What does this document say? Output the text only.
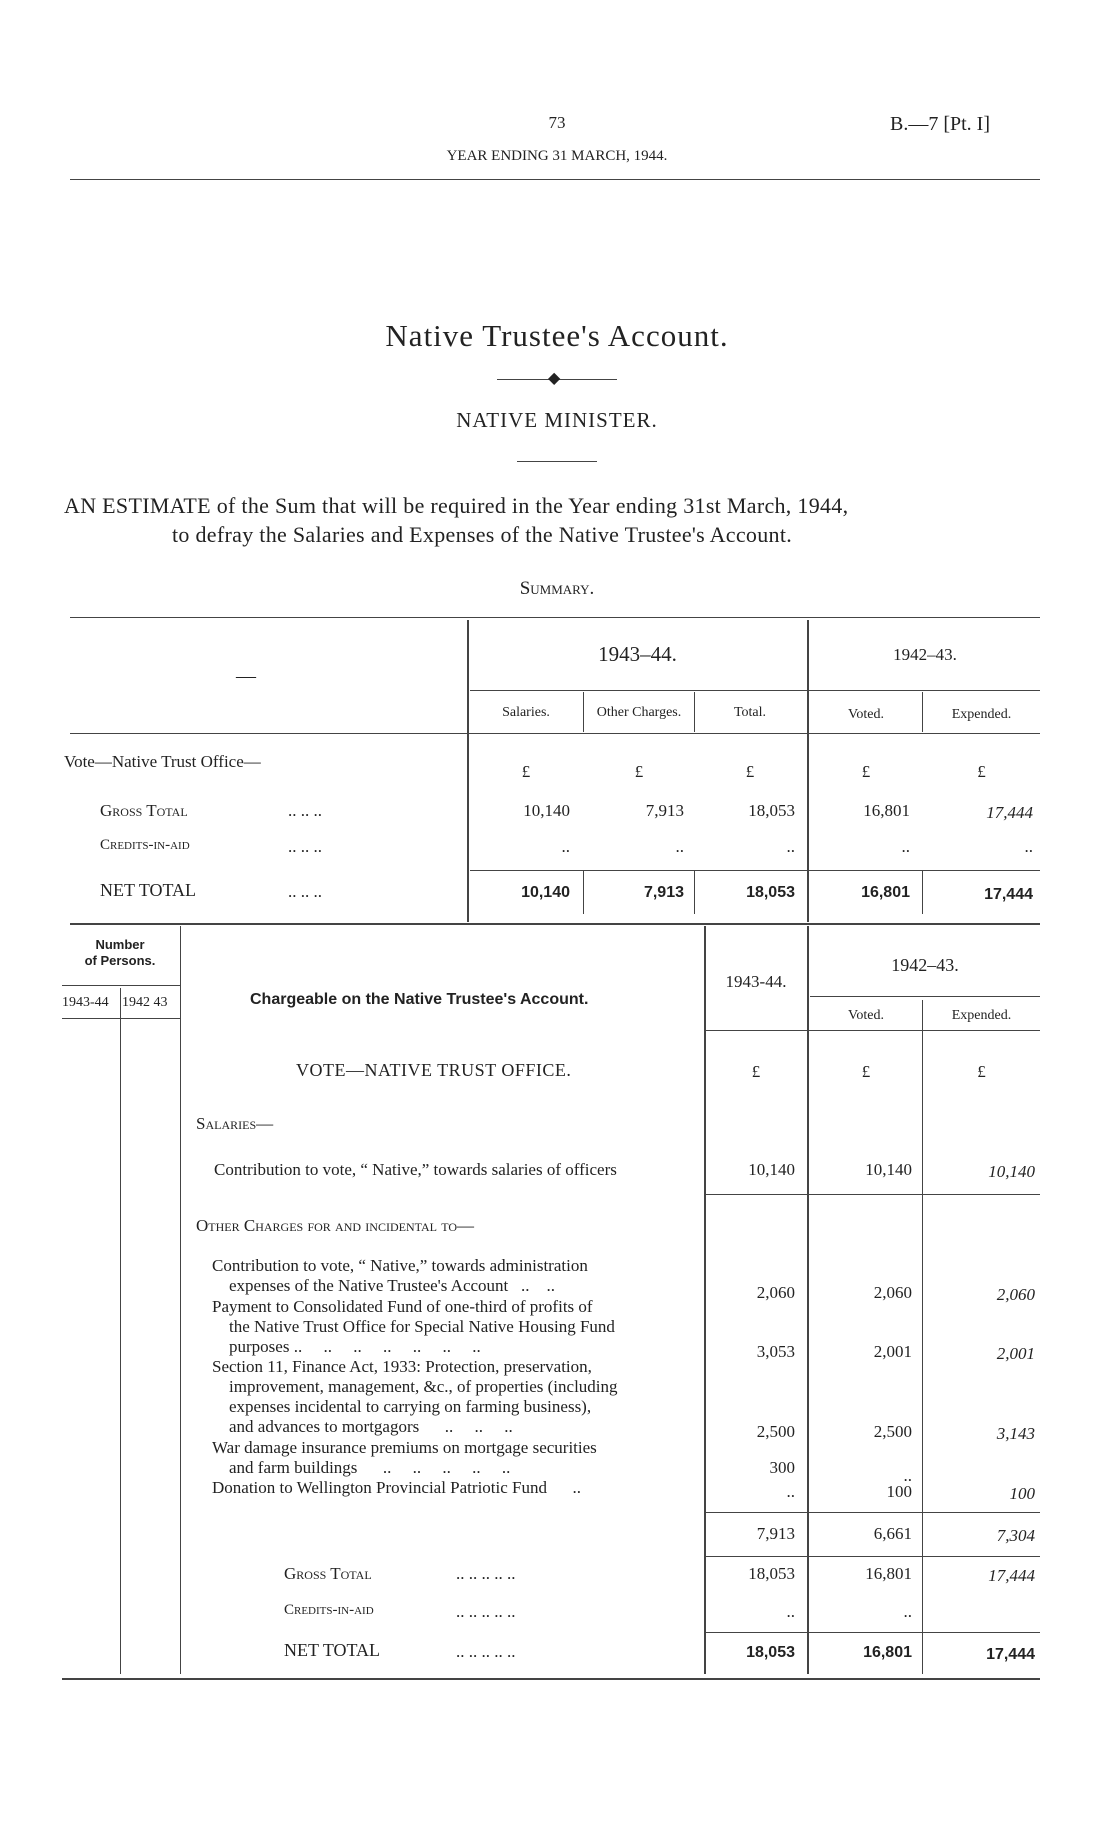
73	B.—7 [Pt. I]
YEAR ENDING 31 MARCH, 1944.
Native Trustee's Account.
◆
NATIVE MINISTER.
AN ESTIMATE of the Sum that will be required in the Year ending 31st March, 1944,
to defray the Salaries and Expenses of the Native Trustee's Account.
Summary.
—
1943–44.	1942–43.
Salaries.	Other Charges.	Total.	Voted.	Expended.
Vote—Native Trust Office—
£	£	£	£	£
Gross Total	.. .. ..	10,140	7,913	18,053	16,801	17,444
Credits-in-aid	.. .. ..	..	..	..	..	..
NET TOTAL	.. .. ..	10,140	7,913	18,053	16,801	17,444
Number
of Persons.
1943-44 1942 43	Chargeable on the Native Trustee's Account.
1943-44.
1942–43.
Voted.	Expended.
VOTE—NATIVE TRUST OFFICE.	£	£	£
Salaries—
Contribution to vote, “ Native,” towards salaries of officers	10,140	10,140	10,140
Other Charges for and incidental to—
Contribution to vote, “ Native,” towards administration
expenses of the Native Trustee's Account   ..    ..	2,060	2,060	2,060
Payment to Consolidated Fund of one-third of profits of
the Native Trust Office for Special Native Housing Fund
purposes ..     ..     ..     ..     ..     ..     ..	3,053	2,001	2,001
Section 11, Finance Act, 1933: Protection, preservation,
improvement, management, &c., of properties (including
expenses incidental to carrying on farming business),
and advances to mortgagors      ..     ..     ..	2,500	2,500	3,143
War damage insurance premiums on mortgage securities
and farm buildings      ..     ..     ..     ..     ..	300	..
Donation to Wellington Provincial Patriotic Fund      ..	..	100	100
7,913	6,661	7,304
Gross Total	.. .. .. .. ..	18,053	16,801	17,444
Credits-in-aid	.. .. .. .. ..	..	..
NET TOTAL	.. .. .. .. ..	18,053	16,801	17,444
